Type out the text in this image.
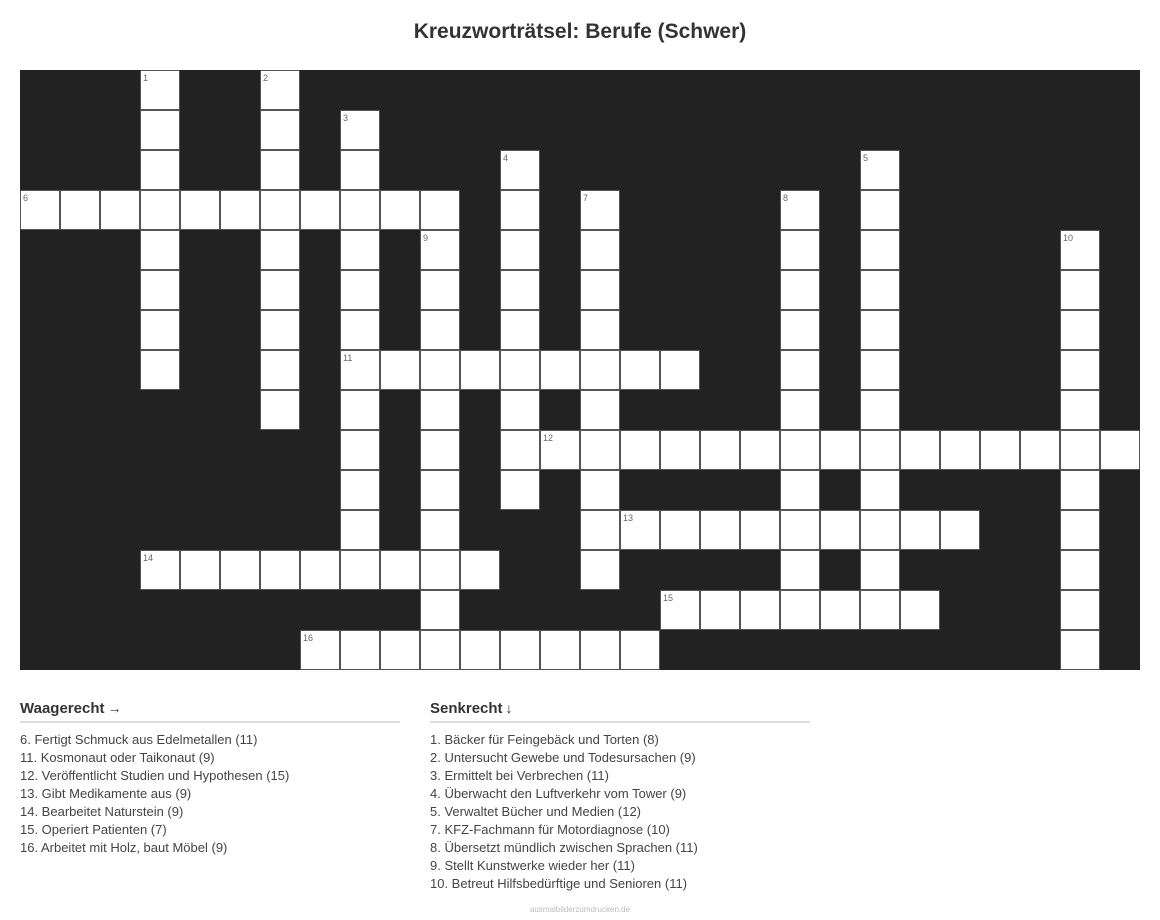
Kreuzworträtsel: Berufe (Schwer)
1	2
3
11
4	5
6	7	8
9	10
12
13
14
15
16
Waagerecht →
6. Fertigt Schmuck aus Edelmetallen (11)
11. Kosmonaut oder Taikonaut (9)
12. Veröffentlicht Studien und Hypothesen (15)
13. Gibt Medikamente aus (9)
14. Bearbeitet Naturstein (9)
15. Operiert Patienten (7)
16. Arbeitet mit Holz, baut Möbel (9)
Senkrecht ↓
1. Bäcker für Feingebäck und Torten (8)
2. Untersucht Gewebe und Todesursachen (9)
3. Ermittelt bei Verbrechen (11)
4. Überwacht den Luftverkehr vom Tower (9)
5. Verwaltet Bücher und Medien (12)
7. KFZ-Fachmann für Motordiagnose (10)
8. Übersetzt mündlich zwischen Sprachen (11)
9. Stellt Kunstwerke wieder her (11)
10. Betreut Hilfsbedürftige und Senioren (11)
ausmalbilderzumdrucken.de
